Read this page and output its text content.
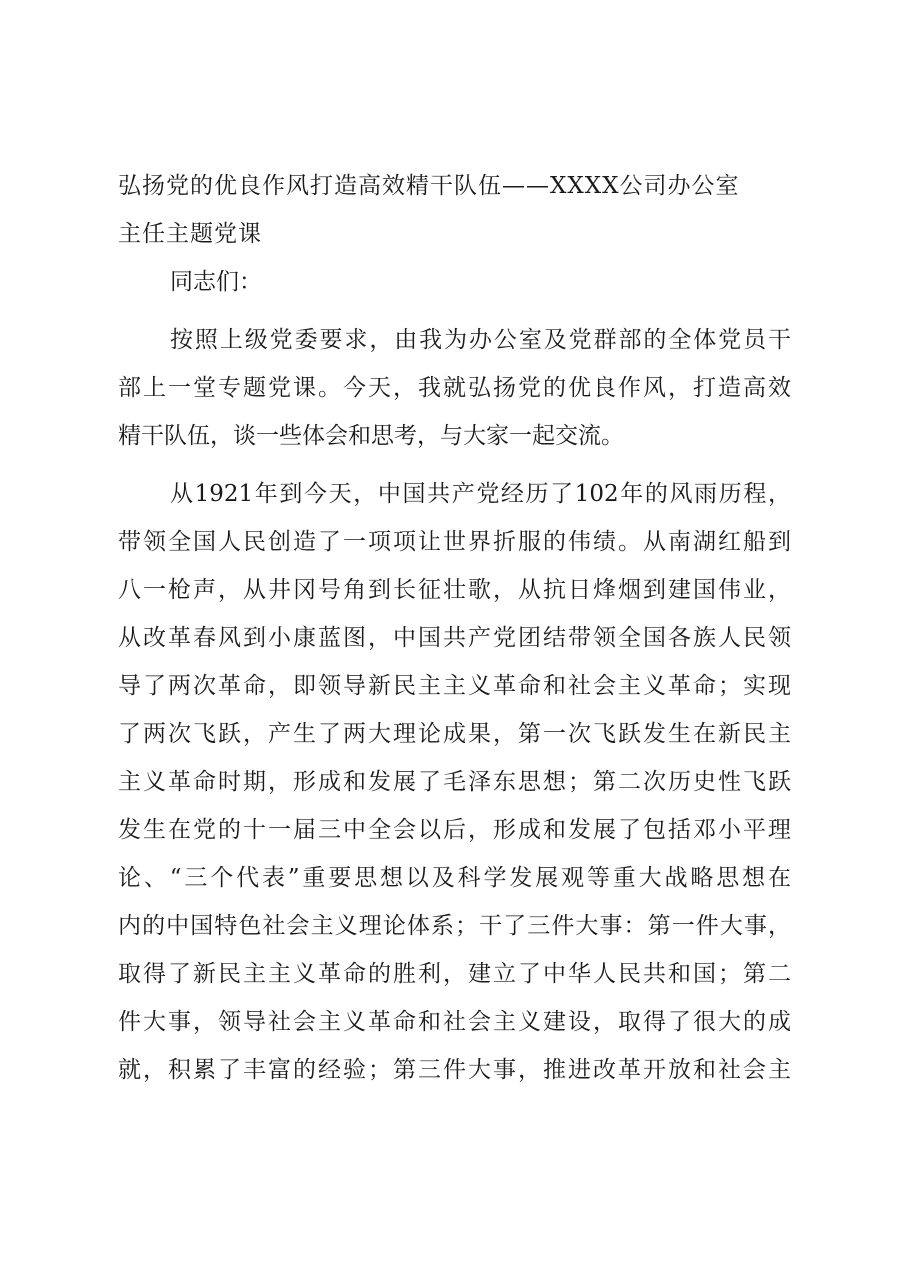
弘扬党的优良作风打造高效精干队伍——XXXX公司办公室
主任主题党课
同志们：
按照上级党委要求，由我为办公室及党群部的全体党员干
部上一堂专题党课。今天，我就弘扬党的优良作风，打造高效
精干队伍，谈一些体会和思考，与大家一起交流。
从1921年到今天，中国共产党经历了102年的风雨历程，
带领全国人民创造了一项项让世界折服的伟绩。从南湖红船到
八一枪声，从井冈号角到长征壮歌，从抗日烽烟到建国伟业，
从改革春风到小康蓝图，中国共产党团结带领全国各族人民领
导了两次革命，即领导新民主主义革命和社会主义革命；实现
了两次飞跃，产生了两大理论成果，第一次飞跃发生在新民主
主义革命时期，形成和发展了毛泽东思想；第二次历史性飞跃
发生在党的十一届三中全会以后，形成和发展了包括邓小平理
论、“三个代表”重要思想以及科学发展观等重大战略思想在
内的中国特色社会主义理论体系；干了三件大事：第一件大事，
取得了新民主主义革命的胜利，建立了中华人民共和国；第二
件大事，领导社会主义革命和社会主义建设，取得了很大的成
就，积累了丰富的经验；第三件大事，推进改革开放和社会主
